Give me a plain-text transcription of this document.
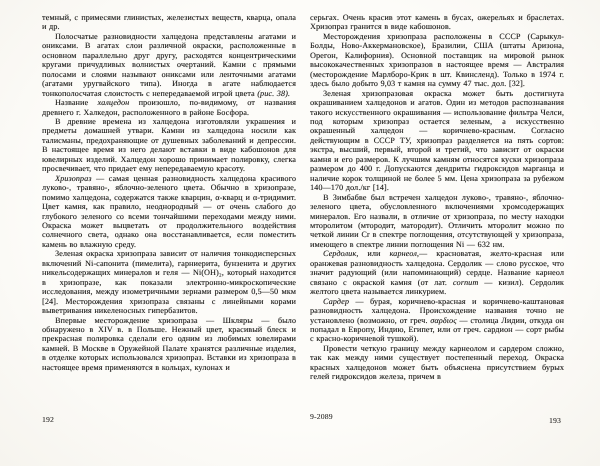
темный, с примесями глинистых, железистых веществ, кварца, опала и др.

Полосчатые разновидности халцедона представлены агатами и ониксами. В агатах слои различной окраски, расположенные в основном параллельно друг другу, расходятся концентрическими кругами причудливых волнистых очертаний. Камни с прямыми полосами и слоями называют ониксами или ленточными агатами (агатами уругвайского типа). Иногда в агате наблюдается тонкополосчатая слоистость с непередаваемой игрой цвета (рис. 38).

Название халцедон произошло, по-видимому, от названия древнего г. Халкедон, расположенного в районе Босфора.

В древние времена из халцедона изготовляли украшения и предметы домашней утвари. Камни из халцедона носили как талисманы, предохраняющие от душевных заболеваний и депрессии. В настоящее время из него делают вставки в виде кабошонов для ювелирных изделий. Халцедон хорошо принимает полировку, слегка просвечивает, что придает ему непередаваемую красоту.

Хризопраз — самая ценная разновидность халцедона красивого луково-, травяно-, яблочно-зеленого цвета. Обычно в хризопразе, помимо халцедона, содержатся также кварцин, α-кварц и α-тридимит. Цвет камня, как правило, неоднородный — от очень слабого до глубокого зеленого со всеми тончайшими переходами между ними. Окраска может выцветать от продолжительного воздействия солнечного света, однако она восстанавливается, если поместить камень во влажную среду.

Зеленая окраска хризопраза зависит от наличия тонкодисперсных включений Ni-сапонита (пимелита), гарниерита, бунзенита и других никельсодержащих минералов и геля — Ni(OH)₂, который находится в хризопразе, как показали электронно-микроскопические исследования, между изометричными зернами размером 0,5—50 мкм [24]. Месторождения хризопраза связаны с линейными корами выветривания никеленосных гипербазитов.

Впервые месторождение хризопраза — Шкляры — было обнаружено в XIV в. в Польше. Нежный цвет, красивый блеск и прекрасная полировка сделали его одним из любимых ювелирами камней. В Москве в Оружейной Палате хранятся различные изделия, в отделке которых использовался хризопраз. Вставки из хризопраза в настоящее время применяются в кольцах, кулонах и

серьгах. Очень красив этот камень в бусах, ожерельях и браслетах. Хризопраз гранится в виде кабошонов.

Месторождения хризопраза расположены в СССР (Сарыкул-Болды, Ново-Аккермановское), Бразилии, США (штаты Аризона, Орегон, Калифорния). Основной поставщик на мировой рынок высококачественных хризопразов в настоящее время — Австралия (месторождение Марлборо-Крик в шт. Квинсленд). Только в 1974 г. здесь было добыто 9,03 т камня на сумму 47 тыс. дол. [32].

Зеленая хризопразовая окраска может быть достигнута окрашиванием халцедонов и агатов. Один из методов распознавания такого искусственного окрашивания — использование фильтра Челси, под которым хризопраз остается зеленым, а искусственно окрашенный халцедон — коричнево-красным. Согласно действующим в СССР ТУ, хризопраз разделяется на пять сортов: экстра, высший, первый, второй и третий, что зависит от окраски камня и его размеров. К лучшим камням относятся куски хризопраза размером до 400 г. Допускаются дендриты гидроксидов марганца и наличие корок толщиной не более 5 мм. Цена хризопраза за рубежом 140—170 дол./кг [14].

В Зимбабве был встречен халцедон луково-, травяно-, яблочно-зеленого цвета, обусловленного включениями хромсодержащих минералов. Его назвали, в отличие от хризопраза, по месту находки мторолитом (мтородит, матородит). Отличить мторолит можно по четкой линии Cr в спектре поглощения, отсутствующей у хризопраза, имеющего в спектре линии поглощения Ni — 632 нм.

Сердолик, или карнеол,— красноватая, желто-красная или оранжевая разновидность халцедона. Сердолик — слово русское, что значит радующий (или напоминающий) сердце. Название карнеол связано с окраской камня (от лат. cornum — кизил). Сердолик желтого цвета называется линкурием.

Сардер — бурая, коричнево-красная и коричнево-каштановая разновидность халцедона. Происхождение названия точно не установлено (возможно, от греч. σαρδιος — столица Лидии, откуда он попадал в Европу, Индию, Египет, или от греч. сардион — сорт рыбы с красно-коричневой тушкой).

Провести четкую границу между карнеолом и сардером сложно, так как между ними существует постепенный переход. Окраска красных халцедонов может быть объяснена присутствием бурых гелей гидроксидов железа, причем в

192	9-2089	193
